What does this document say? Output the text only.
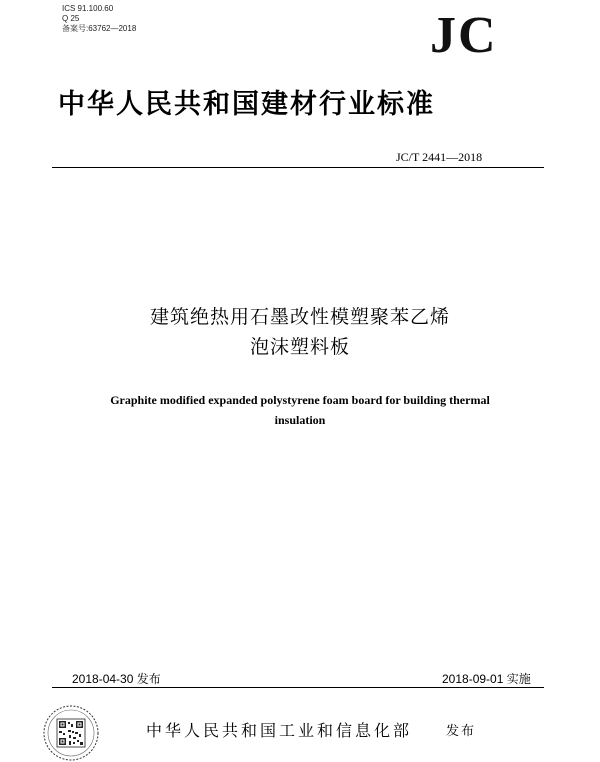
ICS 91.100.60
Q 25
备案号:63762—2018	JC
中华人民共和国建材行业标准
JC/T 2441—2018
建筑绝热用石墨改性模塑聚苯乙烯
泡沫塑料板
Graphite modified expanded polystyrene foam board for building thermal
insulation
2018-04-30 发布	2018-09-01 实施
中华人民共和国工业和信息化部	发布
